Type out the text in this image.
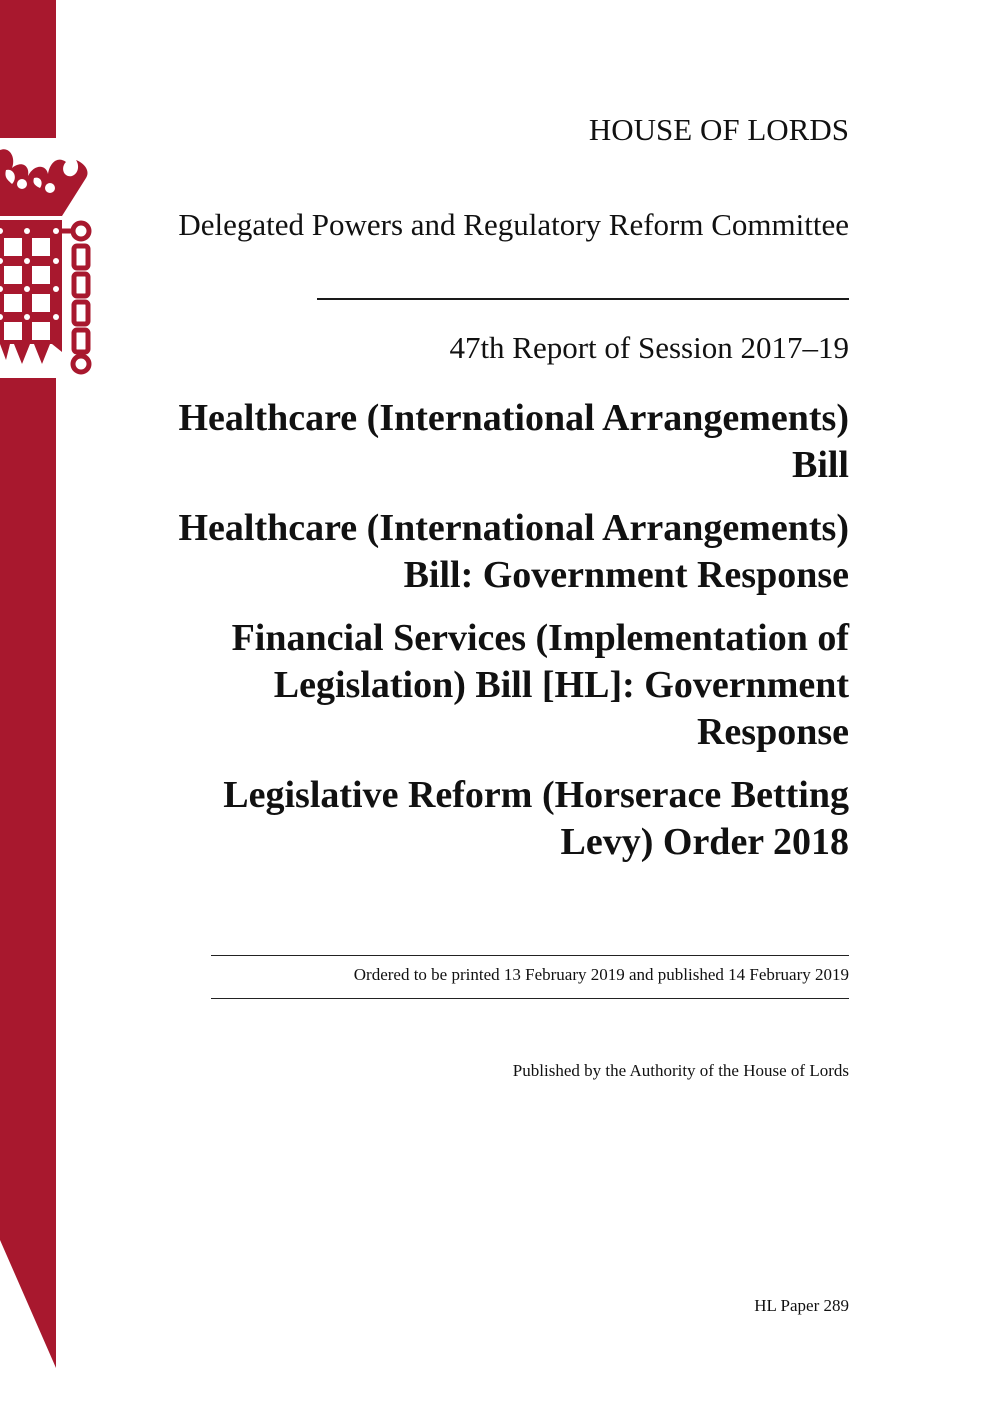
HOUSE OF LORDS
Delegated Powers and Regulatory Reform Committee
47th Report of Session 2017–19
Healthcare (International Arrangements) Bill
Healthcare (International Arrangements) Bill: Government Response
Financial Services (Implementation of Legislation) Bill [HL]: Government Response
Legislative Reform (Horserace Betting Levy) Order 2018
Ordered to be printed 13 February 2019 and published 14 February 2019
Published by the Authority of the House of Lords
HL Paper 289
